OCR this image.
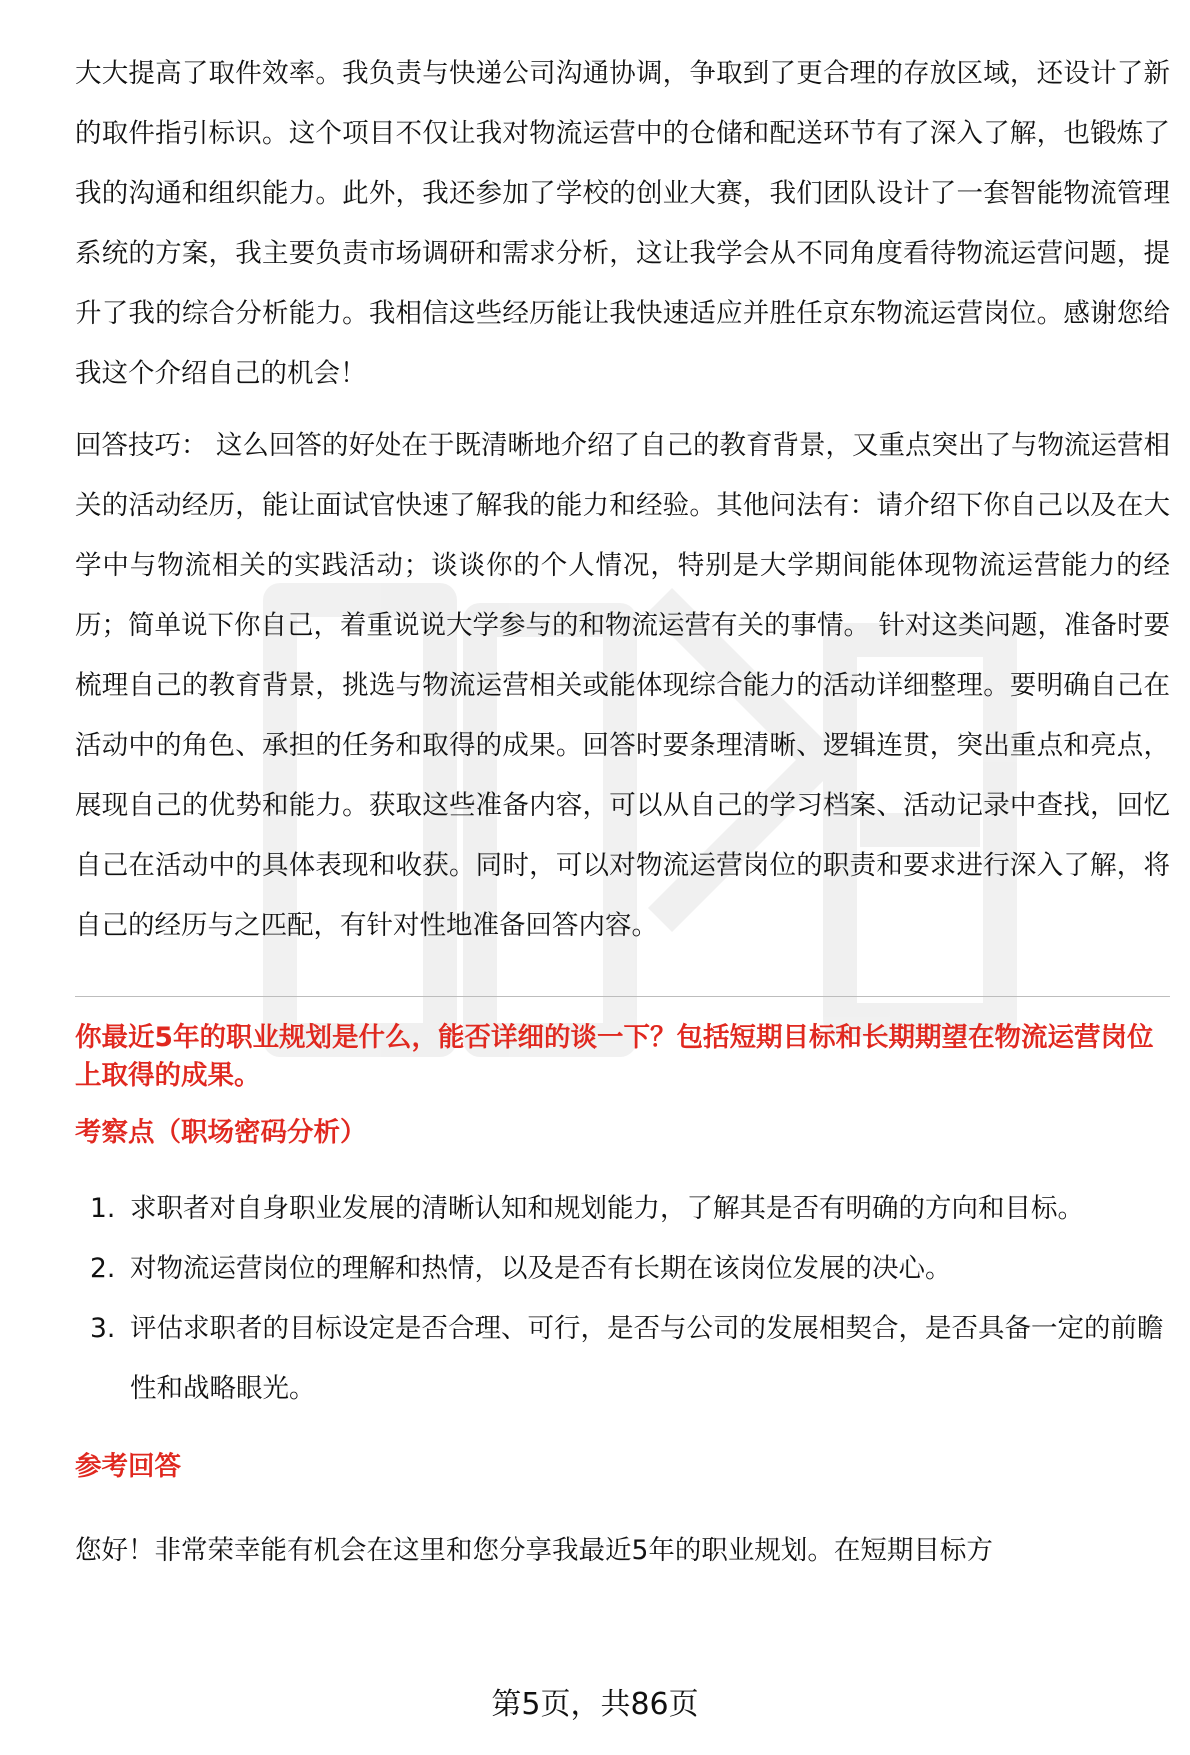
大大提高了取件效率。我负责与快递公司沟通协调，争取到了更合理的存放区域，还设计了新的取件指引标识。这个项目不仅让我对物流运营中的仓储和配送环节有了深入了解，也锻炼了我的沟通和组织能力。此外，我还参加了学校的创业大赛，我们团队设计了一套智能物流管理系统的方案，我主要负责市场调研和需求分析，这让我学会从不同角度看待物流运营问题，提升了我的综合分析能力。我相信这些经历能让我快速适应并胜任京东物流运营岗位。感谢您给我这个介绍自己的机会！

回答技巧： 这么回答的好处在于既清晰地介绍了自己的教育背景，又重点突出了与物流运营相关的活动经历，能让面试官快速了解我的能力和经验。其他问法有：请介绍下你自己以及在大学中与物流相关的实践活动；谈谈你的个人情况，特别是大学期间能体现物流运营能力的经历；简单说下你自己，着重说说大学参与的和物流运营有关的事情。 针对这类问题，准备时要梳理自己的教育背景，挑选与物流运营相关或能体现综合能力的活动详细整理。要明确自己在活动中的角色、承担的任务和取得的成果。回答时要条理清晰、逻辑连贯，突出重点和亮点，展现自己的优势和能力。获取这些准备内容，可以从自己的学习档案、活动记录中查找，回忆自己在活动中的具体表现和收获。同时，可以对物流运营岗位的职责和要求进行深入了解，将自己的经历与之匹配，有针对性地准备回答内容。

你最近5年的职业规划是什么，能否详细的谈一下？包括短期目标和长期期望在物流运营岗位上取得的成果。

考察点（职场密码分析）

1. 求职者对自身职业发展的清晰认知和规划能力，了解其是否有明确的方向和目标。
2. 对物流运营岗位的理解和热情，以及是否有长期在该岗位发展的决心。
3. 评估求职者的目标设定是否合理、可行，是否与公司的发展相契合，是否具备一定的前瞻性和战略眼光。

参考回答

您好！非常荣幸能有机会在这里和您分享我最近5年的职业规划。在短期目标方
第5页，共86页
